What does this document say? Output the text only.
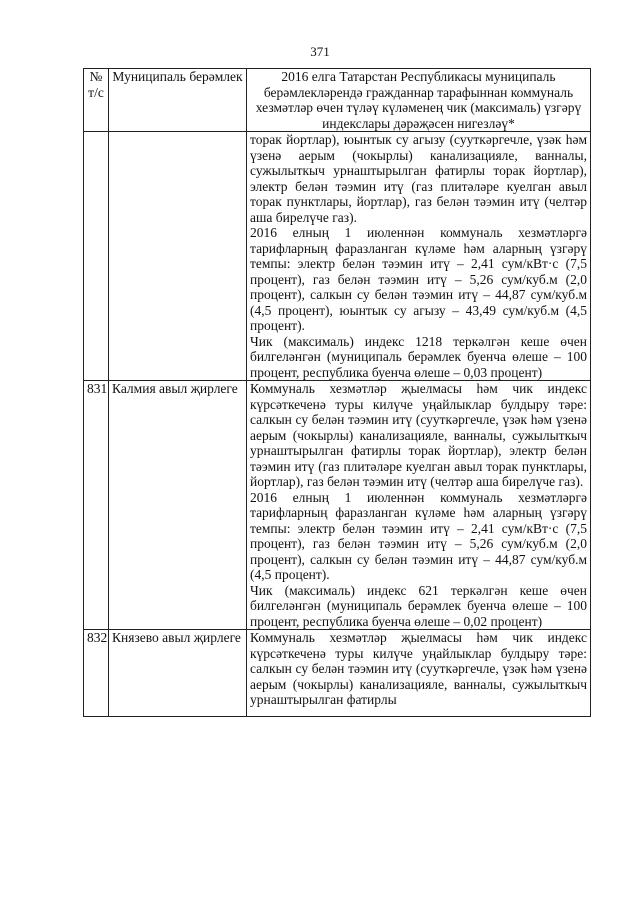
371
№ т/с	Муниципаль берәмлек	2016 елга Татарстан Республикасы муниципаль берәмлекләрендә гражданнар тарафыннан коммуналь хезмәтләр өчен түләү күләменең чик (максималь) үзгәрү индекслары дәрәҗәсен нигезләү*

		торак йортлар), юынтык су агызу (сууткәргечле, үзәк һәм үзенә аерым (чокырлы) канализацияле, ванналы, сужылыткыч урнаштырылган фатирлы торак йортлар), электр белән тәэмин итү (газ плитәләре куелган авыл торак пунктлары, йортлар), газ белән тәэмин итү (челтәр аша бирелүче газ).

2016 елның 1 июленнән коммуналь хезмәтләргә тарифларның фаразланган күләме һәм аларның үзгәрү темпы: электр белән тәэмин итү – 2,41 сум/кВт·с (7,5 процент), газ белән тәэмин итү – 5,26 сум/куб.м (2,0 процент), салкын су белән тәэмин итү – 44,87 сум/куб.м (4,5 процент), юынтык су агызу – 43,49 сум/куб.м (4,5 процент).

Чик (максималь) индекс 1218 теркәлгән кеше өчен билгеләнгән (муниципаль берәмлек буенча өлеше – 100 процент, республика буенча өлеше – 0,03 процент)

831	Калмия авыл җирлеге	Коммуналь хезмәтләр җыелмасы һәм чик индекс күрсәткеченә туры килүче уңайлыклар булдыру тәре: салкын су белән тәэмин итү (сууткәргечле, үзәк һәм үзенә аерым (чокырлы) канализацияле, ванналы, сужылыткыч урнаштырылган фатирлы торак йортлар), электр белән тәэмин итү (газ плитәләре куелган авыл торак пунктлары, йортлар), газ белән тәэмин итү (челтәр аша бирелүче газ).

2016 елның 1 июленнән коммуналь хезмәтләргә тарифларның фаразланган күләме һәм аларның үзгәрү темпы: электр белән тәэмин итү – 2,41 сум/кВт·с (7,5 процент), газ белән тәэмин итү – 5,26 сум/куб.м (2,0 процент), салкын су белән тәэмин итү – 44,87 сум/куб.м (4,5 процент).

Чик (максималь) индекс 621 теркәлгән кеше өчен билгеләнгән (муниципаль берәмлек буенча өлеше – 100 процент, республика буенча өлеше – 0,02 процент)

832	Князево авыл җирлеге	Коммуналь хезмәтләр җыелмасы һәм чик индекс күрсәткеченә туры килүче уңайлыклар булдыру тәре: салкын су белән тәэмин итү (сууткәргечле, үзәк һәм үзенә аерым (чокырлы) канализацияле, ванналы, сужылыткыч урнаштырылган фатирлы
